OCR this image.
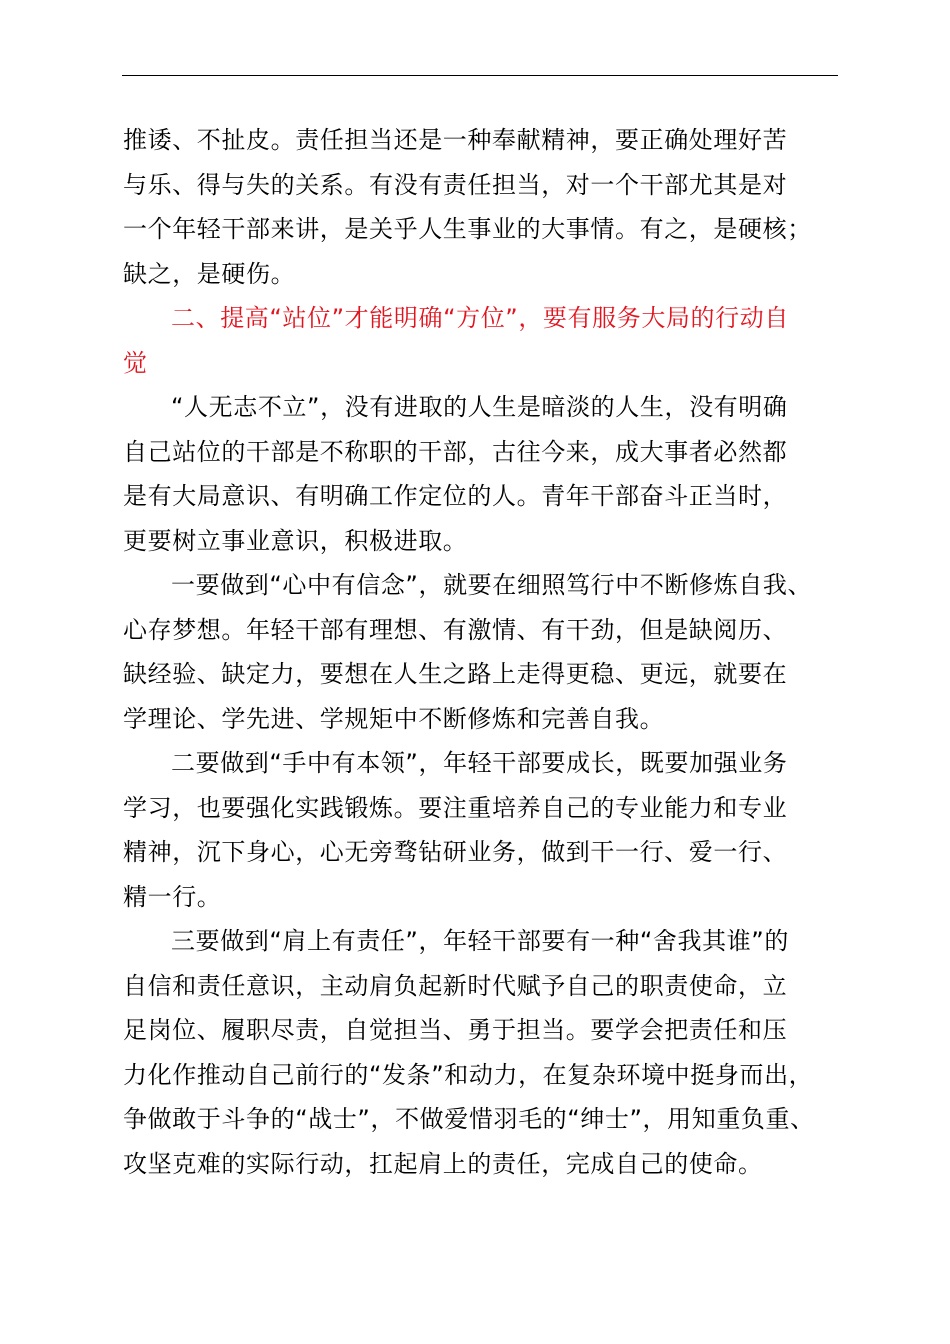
推诿、不扯皮。责任担当还是一种奉献精神，要正确处理好苦
与乐、得与失的关系。有没有责任担当，对一个干部尤其是对
一个年轻干部来讲，是关乎人生事业的大事情。有之，是硬核；
缺之，是硬伤。
二、提高“站位”才能明确“方位”，要有服务大局的行动自
觉
“人无志不立”，没有进取的人生是暗淡的人生，没有明确
自己站位的干部是不称职的干部，古往今来，成大事者必然都
是有大局意识、有明确工作定位的人。青年干部奋斗正当时，
更要树立事业意识，积极进取。
一要做到“心中有信念”，就要在细照笃行中不断修炼自我、
心存梦想。年轻干部有理想、有激情、有干劲，但是缺阅历、
缺经验、缺定力，要想在人生之路上走得更稳、更远，就要在
学理论、学先进、学规矩中不断修炼和完善自我。
二要做到“手中有本领”，年轻干部要成长，既要加强业务
学习，也要强化实践锻炼。要注重培养自己的专业能力和专业
精神，沉下身心，心无旁骛钻研业务，做到干一行、爱一行、
精一行。
三要做到“肩上有责任”，年轻干部要有一种“舍我其谁”的
自信和责任意识，主动肩负起新时代赋予自己的职责使命，立
足岗位、履职尽责，自觉担当、勇于担当。要学会把责任和压
力化作推动自己前行的“发条”和动力，在复杂环境中挺身而出，
争做敢于斗争的“战士”，不做爱惜羽毛的“绅士”，用知重负重、
攻坚克难的实际行动，扛起肩上的责任，完成自己的使命。
